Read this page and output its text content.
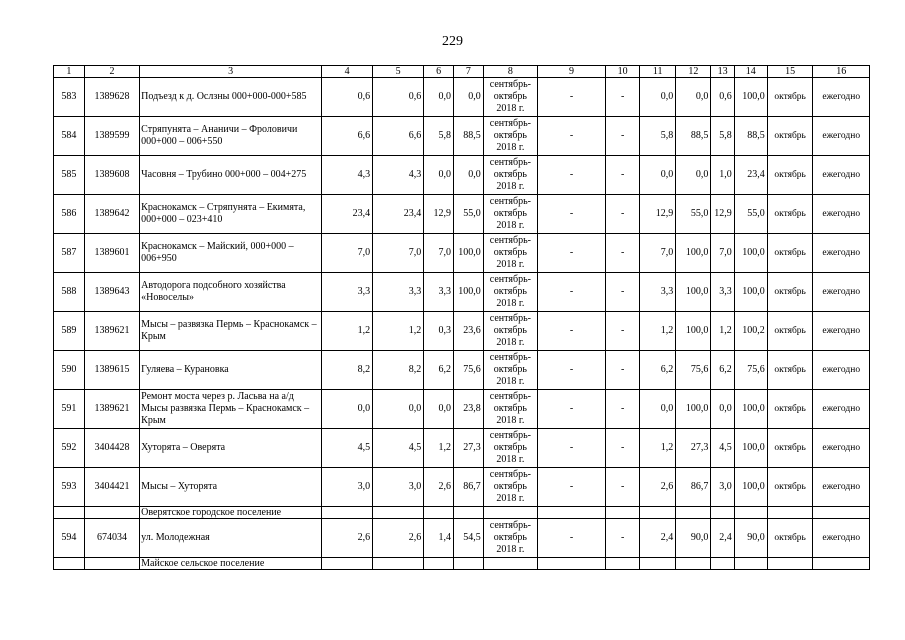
229
1	2	3	4	5	6	7	8	9	10	11	12	13	14	15	16
583	1389628	Подъезд к д. Ослзны 000+000-000+585	0,6	0,6	0,0	0,0	сентябрь-октябрь 2018 г.	-	-	0,0	0,0	0,6	100,0	октябрь	ежегодно
584	1389599	Стряпунята – Ананичи – Фроловичи 000+000 – 006+550	6,6	6,6	5,8	88,5	сентябрь-октябрь 2018 г.	-	-	5,8	88,5	5,8	88,5	октябрь	ежегодно
585	1389608	Часовня – Трубино 000+000 – 004+275	4,3	4,3	0,0	0,0	сентябрь-октябрь 2018 г.	-	-	0,0	0,0	1,0	23,4	октябрь	ежегодно
586	1389642	Краснокамск – Стряпунята – Екимята, 000+000 – 023+410	23,4	23,4	12,9	55,0	сентябрь-октябрь 2018 г.	-	-	12,9	55,0	12,9	55,0	октябрь	ежегодно
587	1389601	Краснокамск – Майский, 000+000 – 006+950	7,0	7,0	7,0	100,0	сентябрь-октябрь 2018 г.	-	-	7,0	100,0	7,0	100,0	октябрь	ежегодно
588	1389643	Автодорога подсобного хозяйства «Новоселы»	3,3	3,3	3,3	100,0	сентябрь-октябрь 2018 г.	-	-	3,3	100,0	3,3	100,0	октябрь	ежегодно
589	1389621	Мысы – развязка Пермь – Краснокамск – Крым	1,2	1,2	0,3	23,6	сентябрь-октябрь 2018 г.	-	-	1,2	100,0	1,2	100,2	октябрь	ежегодно
590	1389615	Гуляева – Курановка	8,2	8,2	6,2	75,6	сентябрь-октябрь 2018 г.	-	-	6,2	75,6	6,2	75,6	октябрь	ежегодно
591	1389621	Ремонт моста через р. Ласьва на а/д Мысы развязка Пермь – Краснокамск – Крым	0,0	0,0	0,0	23,8	сентябрь-октябрь 2018 г.	-	-	0,0	100,0	0,0	100,0	октябрь	ежегодно
592	3404428	Хуторята – Оверята	4,5	4,5	1,2	27,3	сентябрь-октябрь 2018 г.	-	-	1,2	27,3	4,5	100,0	октябрь	ежегодно
593	3404421	Мысы – Хуторята	3,0	3,0	2,6	86,7	сентябрь-октябрь 2018 г.	-	-	2,6	86,7	3,0	100,0	октябрь	ежегодно
		Оверятское городское поселение													
594	674034	ул. Молодежная	2,6	2,6	1,4	54,5	сентябрь-октябрь 2018 г.	-	-	2,4	90,0	2,4	90,0	октябрь	ежегодно
		Майское сельское поселение													
